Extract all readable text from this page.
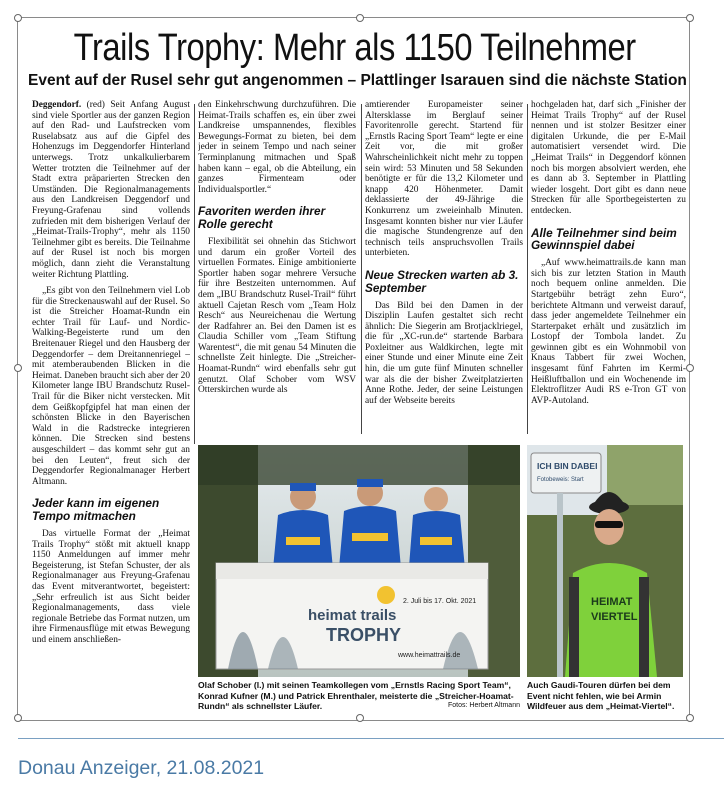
Trails Trophy: Mehr als 1150 Teilnehmer
Event auf der Rusel sehr gut angenommen – Plattlinger Isarauen sind die nächste Station

Deggendorf. (red) Seit Anfang August sind viele Sportler aus der ganzen Region auf den Rad- und Laufstrecken vom Ruselabsatz aus auf die Gipfel des Hohenzugs im Deggendorfer Hinterland unterwegs. Trotz unkalkulierbarem Wetter trotzten die Teilnehmer auf der Stadt extra präparierten Strecken den Umständen. Die Regionalmanagements aus den Landkreisen Deggendorf und Freyung-Grafenau sind vollends zufrieden mit dem bisherigen Verlauf der „Heimat-Trails-Trophy“, mehr als 1150 Teilnehmer gibt es bereits. Die Teilnahme auf der Rusel ist noch bis morgen möglich, dann zieht die Veranstaltung weiter Richtung Plattling.

„Es gibt von den Teilnehmern viel Lob für die Streckenauswahl auf der Rusel. So ist die Streicher Hoamat-Rundn ein echter Trail für Lauf- und Nordic-Walking-Begeisterte rund um den Breitenauer Riegel und den Hausberg der Deggendorfer – dem Dreitannenriegel – mit atemberaubenden Blicken in die Heimat. Daneben braucht sich aber der 20 Kilometer lange IBU Brandschutz Rusel-Trail für die Biker nicht verstecken. Mit dem Geißkopfgipfel hat man einen der schönsten Blicke in den Bayerischen Wald in die Radstrecke integrieren können. Die Strecken sind bestens ausgeschildert – das kommt sehr gut an bei den Leuten“, freut sich der Deggendorfer Regionalmanager Herbert Altmann.

Jeder kann im eigenen Tempo mitmachen

Das virtuelle Format der „Heimat Trails Trophy“ stößt mit aktuell knapp 1150 Anmeldungen auf immer mehr Begeisterung, ist Stefan Schuster, der als Regionalmanager aus Freyung-Grafenau das Event mitverantwortet, begeistert: „Sehr erfreulich ist aus Sicht beider Regionalmanagements, dass viele regionale Betriebe das Format nutzen, um ihre Firmenausflüge mit etwas Bewegung und einem anschließen-

den Einkehrschwung durchzuführen. Die Heimat-Trails schaffen es, ein über zwei Landkreise umspannendes, flexibles Bewegungs-Format zu bieten, bei dem jeder in seinem Tempo und nach seiner Terminplanung mitmachen und Spaß haben kann – egal, ob die Abteilung, ein ganzes Firmenteam oder Individualsportler.“

Favoriten werden ihrer Rolle gerecht

Flexibilität sei ohnehin das Stichwort und darum ein großer Vorteil des virtuellen Formates. Einige ambitionierte Sportler haben sogar mehrere Versuche für ihre Bestzeiten unternommen. Auf dem „IBU Brandschutz Rusel-Trail“ führt aktuell Cajetan Resch vom „Team Holz Resch“ aus Neureichenau die Wertung der Radfahrer an. Bei den Damen ist es Claudia Schiller vom „Team Stiftung Warentest“, die mit genau 54 Minuten die schnellste Zeit hinlegte. Die „Streicher-Hoamat-Rundn“ wird ebenfalls sehr gut genutzt. Olaf Schober vom WSV Otterskirchen wurde als

amtierender Europameister seiner Altersklasse im Berglauf seiner Favoritenrolle gerecht. Startend für „Ernstls Racing Sport Team“ legte er eine Zeit vor, die mit großer Wahrscheinlichkeit nicht mehr zu toppen sein wird: 53 Minuten und 58 Sekunden benötigte er für die 13,2 Kilometer und knapp 420 Höhenmeter. Damit deklassierte der 49-Jährige die Konkurrenz um zweieinhalb Minuten. Insgesamt konnten bisher nur vier Läufer die magische Stundengrenze auf den technisch teils anspruchsvollen Trails unterbieten.

Neue Strecken warten ab 3. September

Das Bild bei den Damen in der Disziplin Laufen gestaltet sich recht ähnlich: Die Siegerin am Brotjacklriegel, die für „XC-run.de“ startende Barbara Poxleitner aus Waldkirchen, legte mit einer Stunde und einer Minute eine Zeit hin, die um gute fünf Minuten schneller war als die der bisher Zweitplatzierten Anne Rothe. Jeder, der seine Leistungen auf der Webseite bereits

hochgeladen hat, darf sich „Finisher der Heimat Trails Trophy“ auf der Rusel nennen und ist stolzer Besitzer einer digitalen Urkunde, die per E-Mail automatisiert versendet wird. Die „Heimat Trails“ in Deggendorf können noch bis morgen absolviert werden, ehe es dann ab 3. September in Plattling wieder losgeht. Dort gibt es dann neue Strecken für alle Sportbegeisterten zu entdecken.

Alle Teilnehmer sind beim Gewinnspiel dabei

„Auf www.heimattrails.de kann man sich bis zur letzten Station in Mauth noch bequem online anmelden. Die Startgebühr beträgt zehn Euro“, berichtete Altmann und verweist darauf, dass jeder angemeldete Teilnehmer ein Starterpaket erhält und zusätzlich im Lostopf der Tombola landet. Zu gewinnen gibt es ein Wohnmobil von Knaus Tabbert für zwei Wochen, insgesamt fünf Fahrten im Kermi-Heißluftballon und ein Wochenende im Elektroflitzer Audi RS e-Tron GT von AVP-Autoland.

heimat trails
TROPHY
2. Juli bis 17. Okt. 2021
www.heimattrails.de
Olaf Schober (l.) mit seinen Teamkollegen vom „Ernstls Racing Sport Team“, Konrad Kufner (M.) und Patrick Ehrenthaler, meisterte die „Streicher-Hoamat-Rundn“ als schnellster Läufer.	Fotos: Herbert Altmann
ICH BIN DABEI
Fotobeweis: Start
HEIMAT
VIERTEL
Auch Gaudi-Touren dürfen bei dem Event nicht fehlen, wie bei Armin Wildfeuer aus dem „Heimat-Viertel“.
Donau Anzeiger, 21.08.2021
